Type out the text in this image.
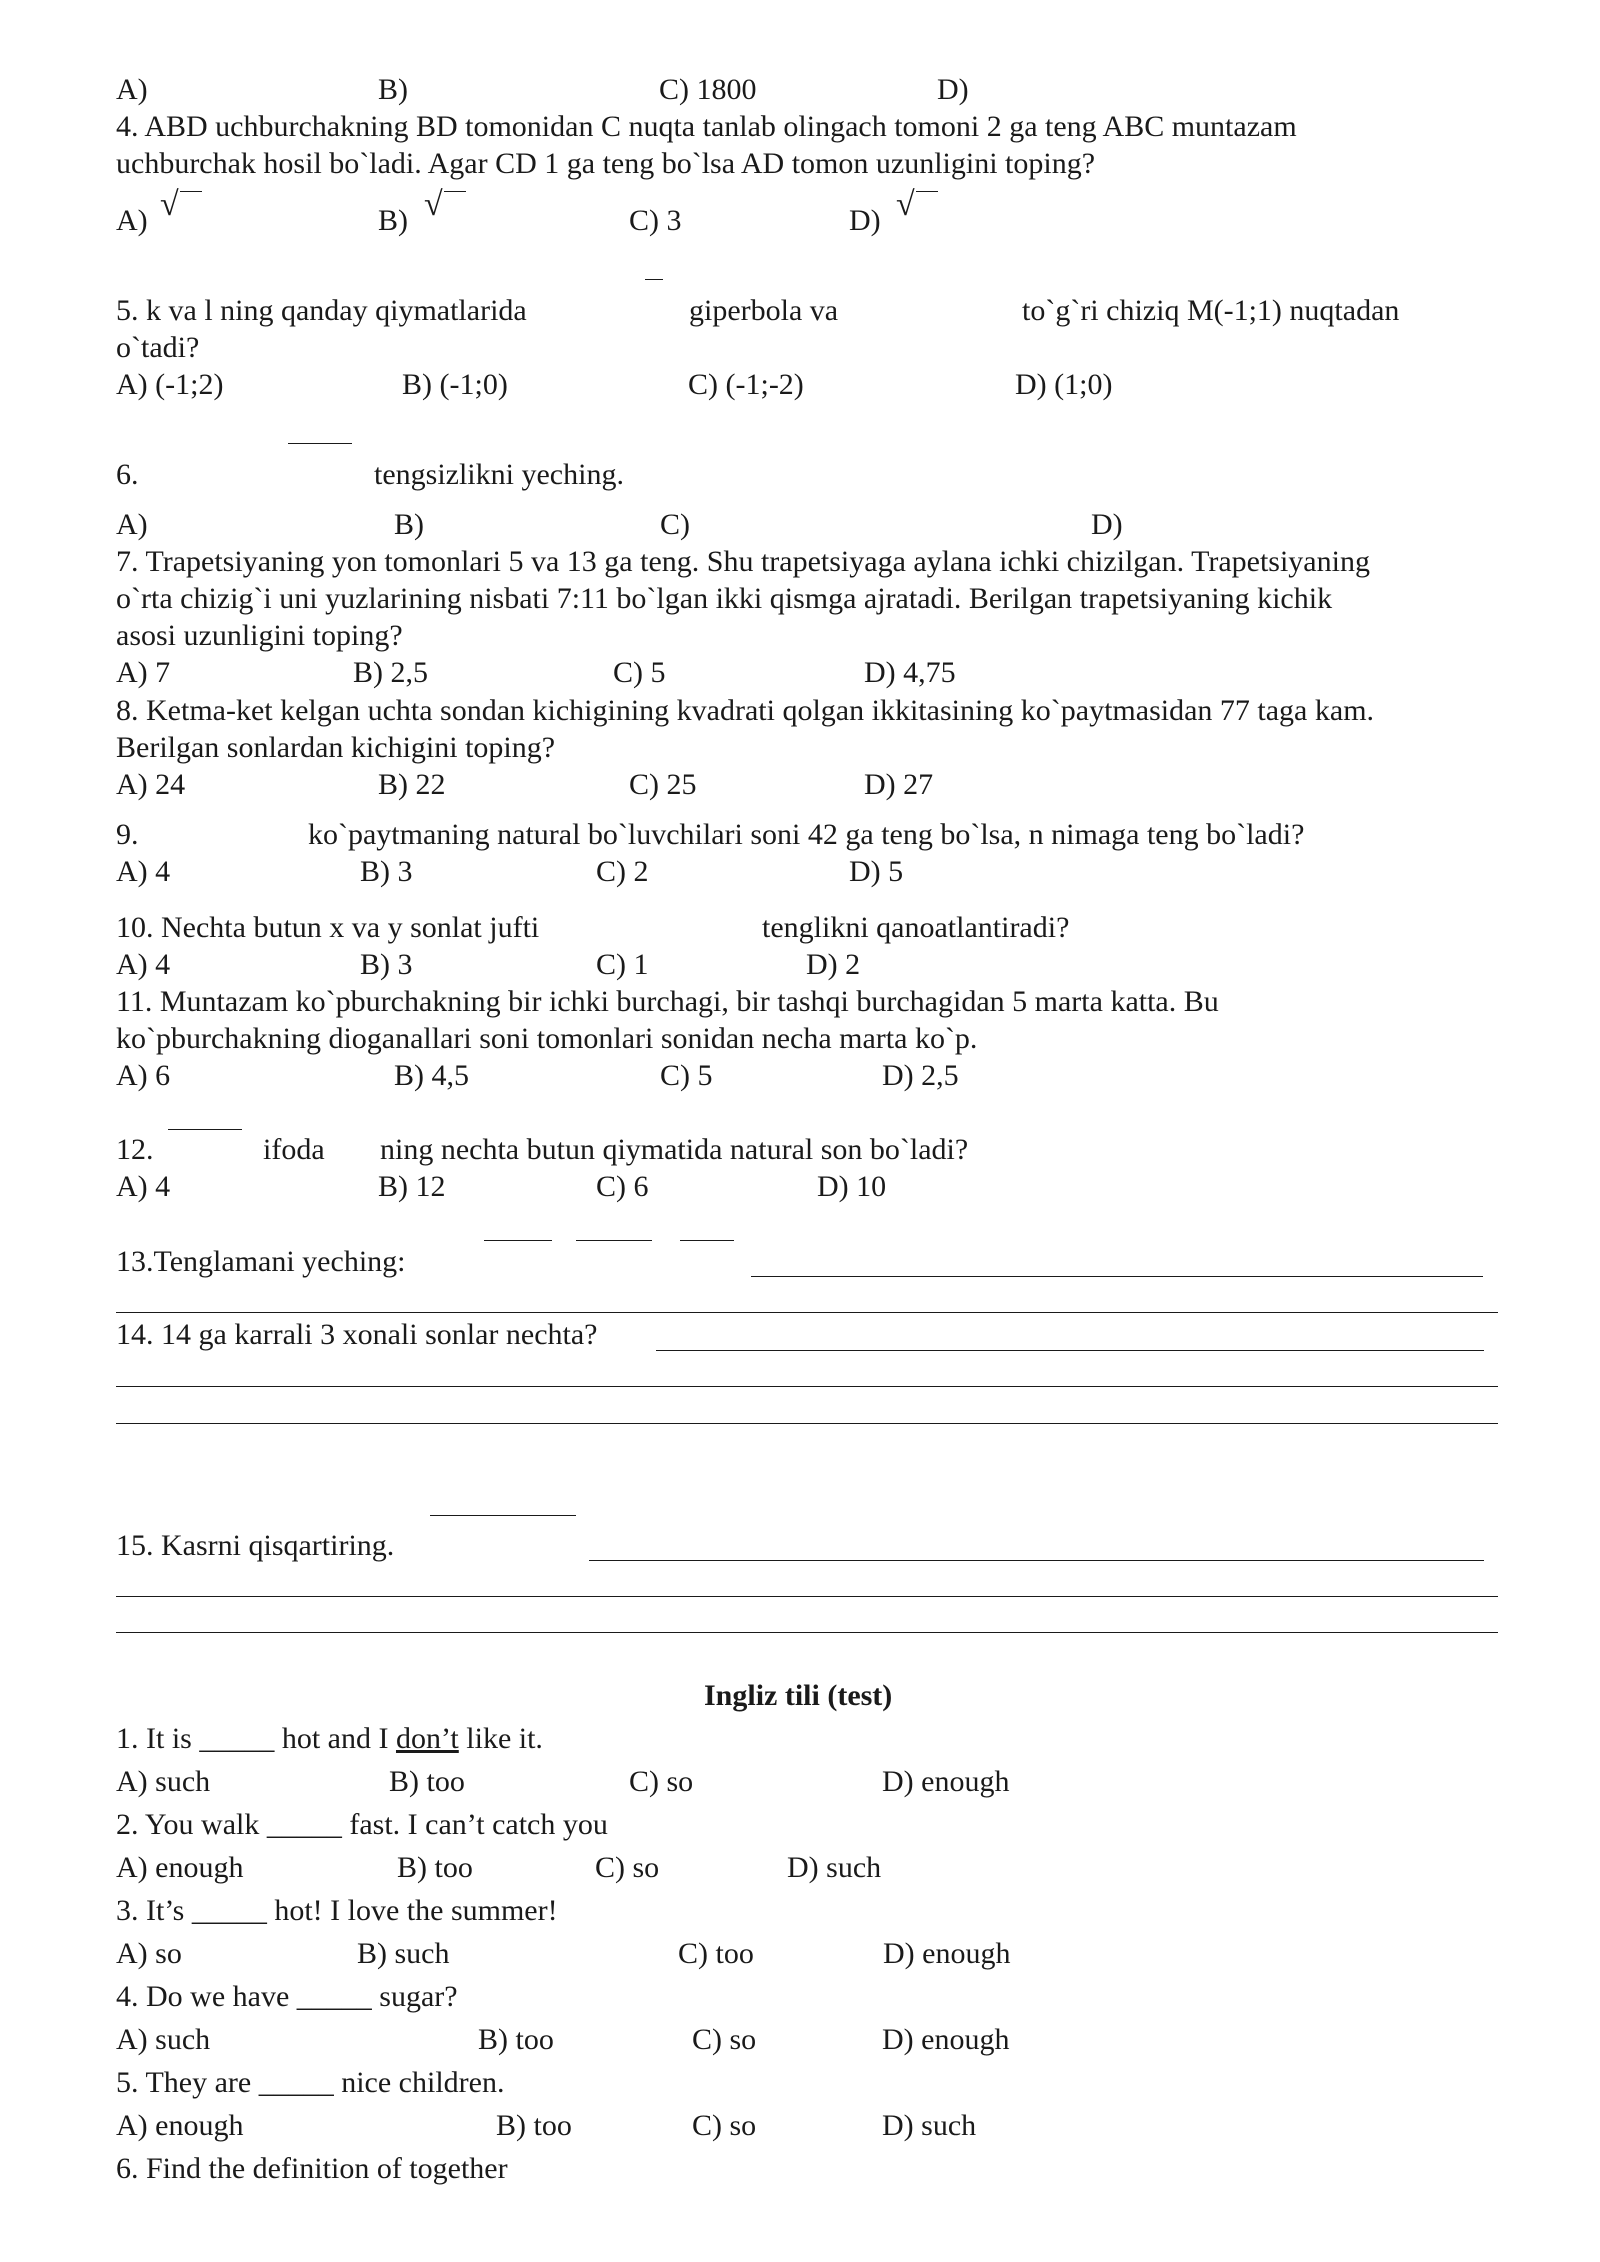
A)	B)	C) 1800	D)
4. ABD uchburchakning BD tomonidan C nuqta tanlab olingach tomoni 2 ga teng ABC muntazam
uchburchak hosil bo`ladi. Agar CD 1 ga teng bo`lsa AD tomon uzunligini toping?
A) √	B) √	C) 3	D) √
5. k va l ning qanday qiymatlarida	giperbola va	to`g`ri chiziq M(-1;1) nuqtadan
o`tadi?
A) (-1;2)	B) (-1;0)	C) (-1;-2)	D) (1;0)
6.	tengsizlikni yeching.
A)	B)	C)	D)
7. Trapetsiyaning yon tomonlari 5 va 13 ga teng. Shu trapetsiyaga aylana ichki chizilgan. Trapetsiyaning
o`rta chizig`i uni yuzlarining nisbati 7:11 bo`lgan ikki qismga ajratadi. Berilgan trapetsiyaning kichik
asosi uzunligini toping?
A) 7	B) 2,5	C) 5	D) 4,75
8. Ketma-ket kelgan uchta sondan kichigining kvadrati qolgan ikkitasining ko`paytmasidan 77 taga kam.
Berilgan sonlardan kichigini toping?
A) 24	B) 22	C) 25	D) 27
9.	ko`paytmaning natural bo`luvchilari soni 42 ga teng bo`lsa, n nimaga teng bo`ladi?
A) 4	B) 3	C) 2	D) 5
10. Nechta butun x va y sonlat jufti	tenglikni qanoatlantiradi?
A) 4	B) 3	C) 1	D) 2
11. Muntazam ko`pburchakning bir ichki burchagi, bir tashqi burchagidan 5 marta katta. Bu
ko`pburchakning dioganallari soni tomonlari sonidan necha marta ko`p.
A) 6	B) 4,5	C) 5	D) 2,5
12.	ifoda ning nechta butun qiymatida natural son bo`ladi?
A) 4	B) 12	C) 6	D) 10
13.Tenglamani yeching:
14. 14 ga karrali 3 xonali sonlar nechta?
15. Kasrni qisqartiring.
Ingliz tili (test)
1. It is _____ hot and I don’t like it.
A) such	B) too	C) so	D) enough
2. You walk _____ fast. I can’t catch you
A) enough	B) too	C) so	D) such
3. It’s _____ hot! I love the summer!
A) so	B) such	C) too	D) enough
4. Do we have _____ sugar?
A) such	B) too	C) so	D) enough
5. They are _____ nice children.
A) enough	B) too	C) so	D) such
6. Find the definition of together
